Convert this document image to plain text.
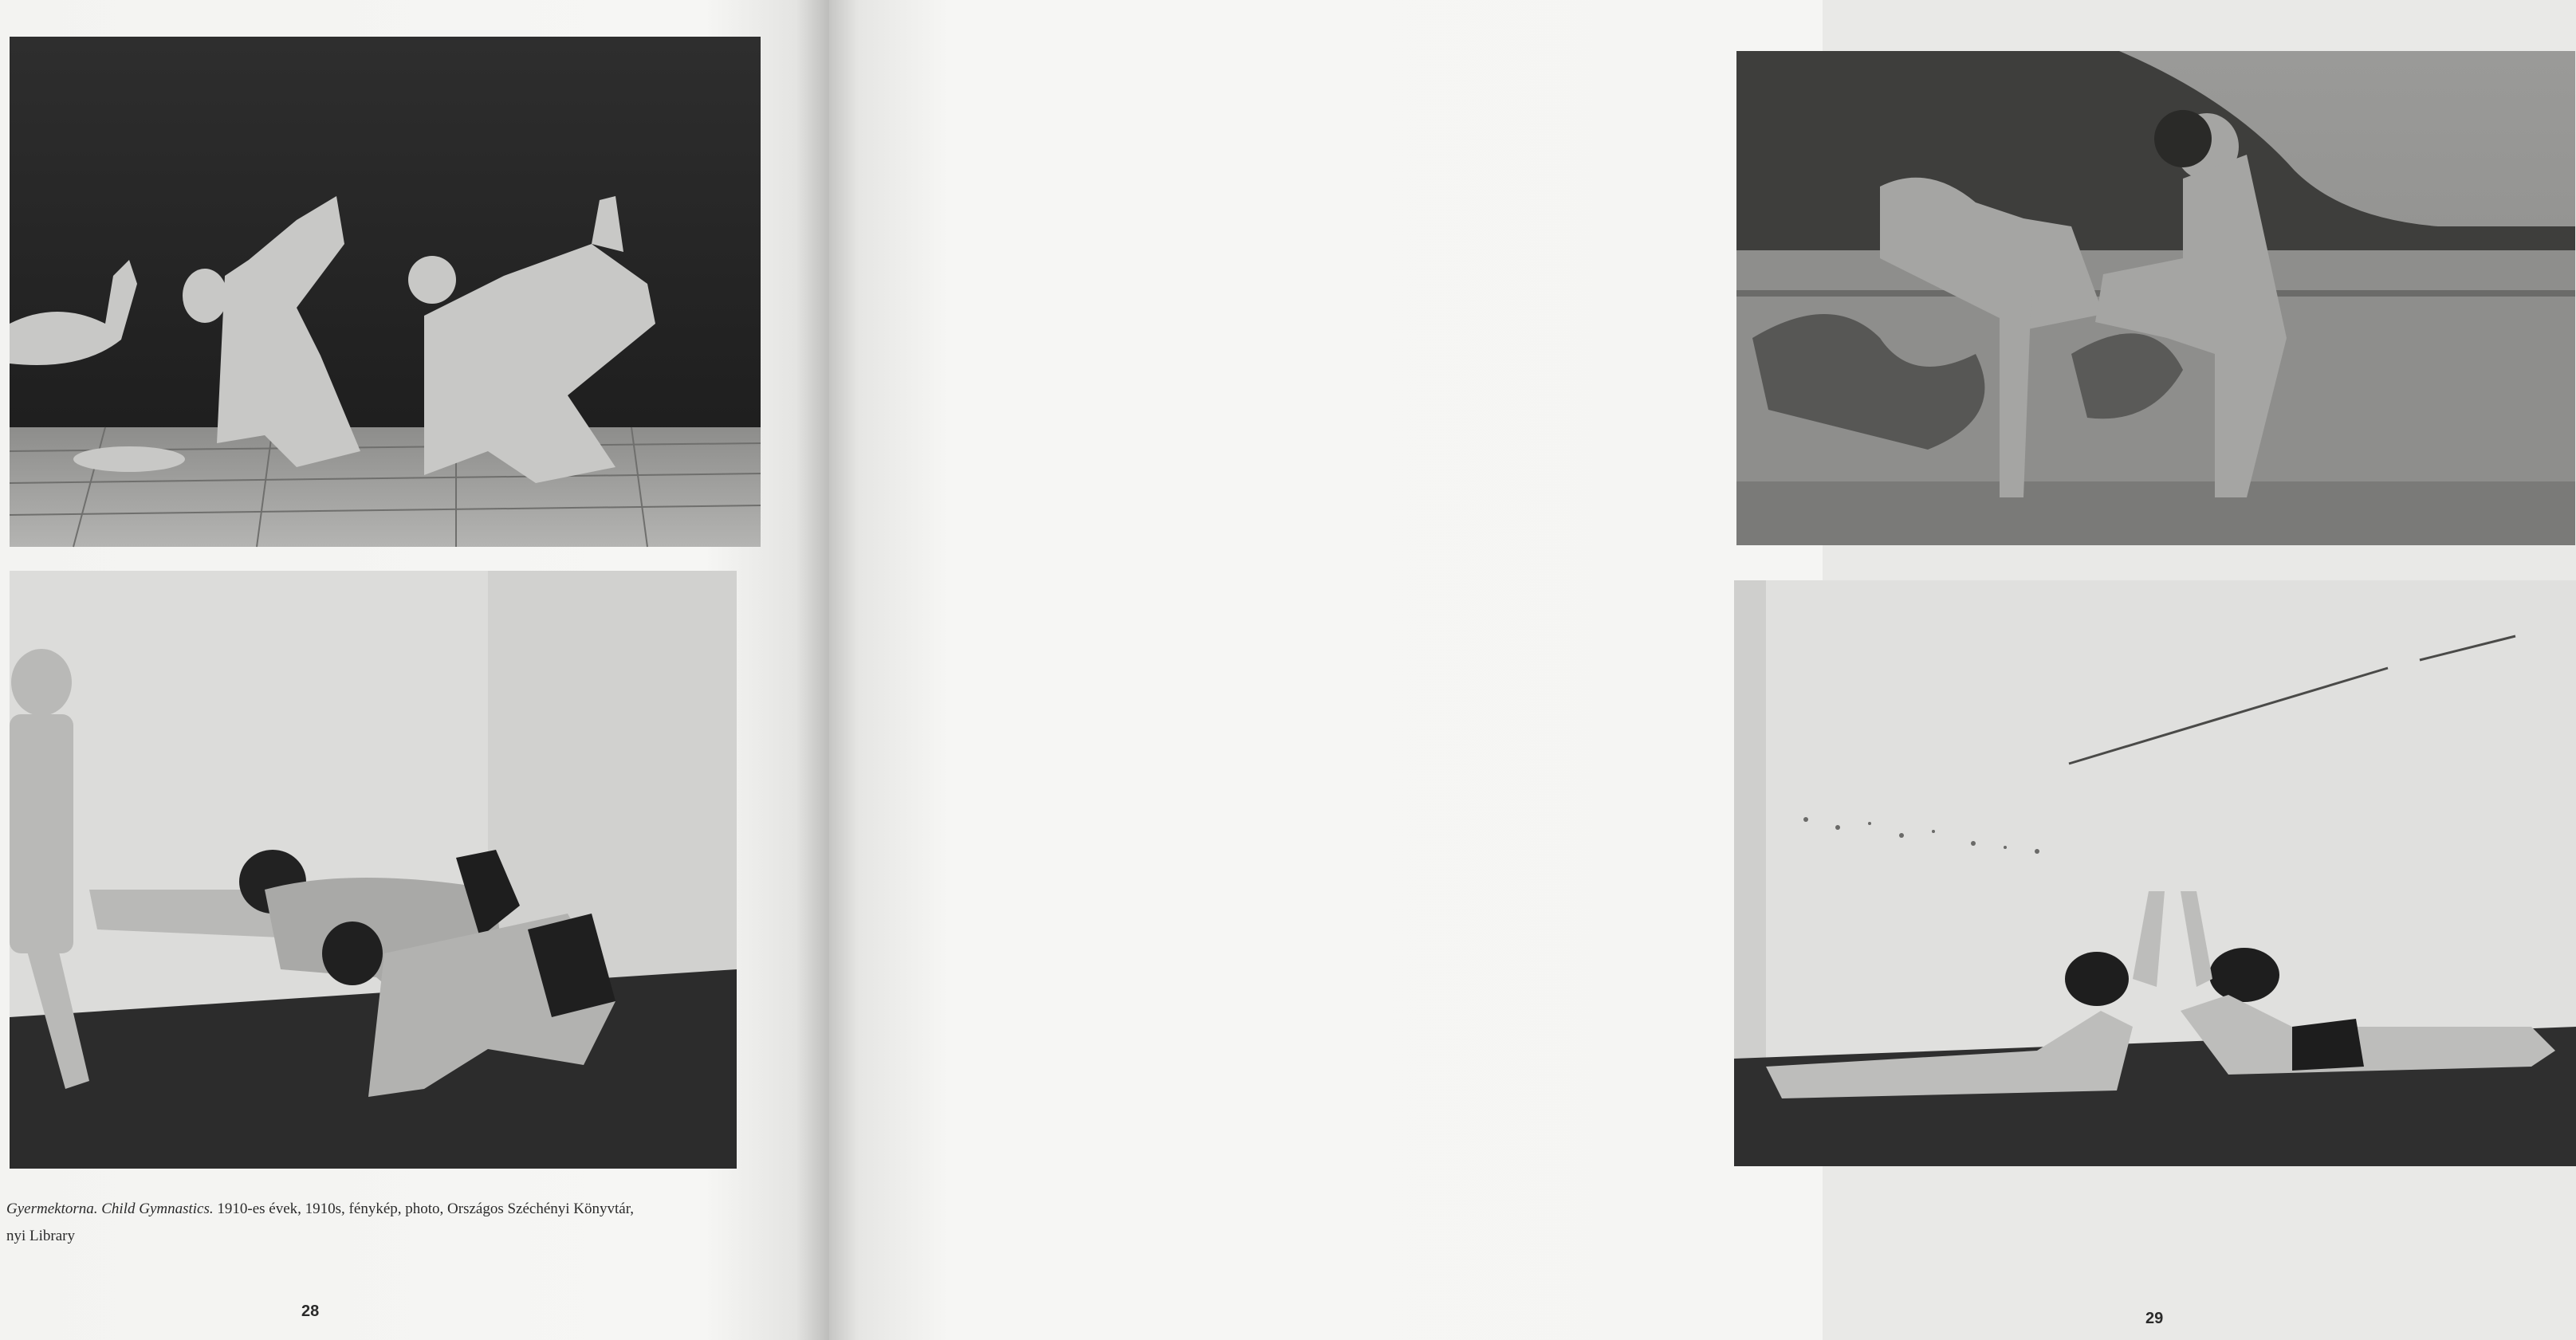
Gyermektorna. Child Gymnastics. 1910-es évek, 1910s, fénykép, photo, Országos Széchényi Könyvtár,
nyi Library
28	29
